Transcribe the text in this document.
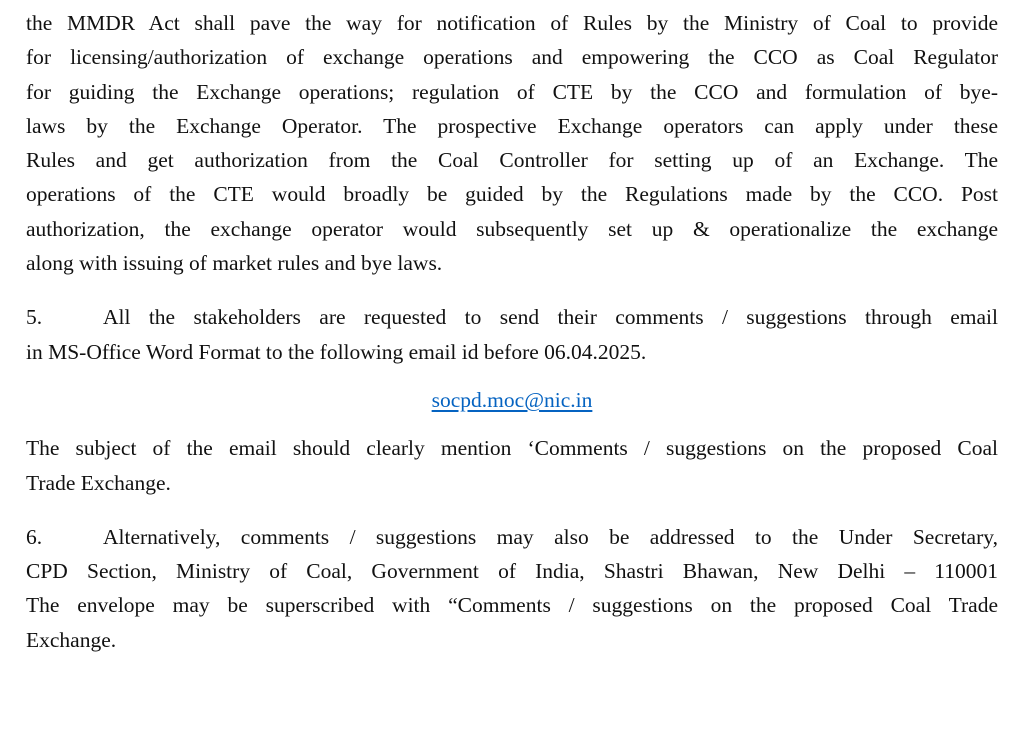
the MMDR Act shall pave the way for notification of Rules by the Ministry of Coal to provide
for licensing/authorization of exchange operations and empowering the CCO as Coal Regulator
for guiding the Exchange operations; regulation of CTE by the CCO and formulation of bye-
laws by the Exchange Operator. The prospective Exchange operators can apply under these
Rules and get authorization from the Coal Controller for setting up of an Exchange. The
operations of the CTE would broadly be guided by the Regulations made by the CCO. Post
authorization, the exchange operator would subsequently set up & operationalize the exchange
along with issuing of market rules and bye laws.
5.	All the stakeholders are requested to send their comments / suggestions through email
in MS-Office Word Format to the following email id before 06.04.2025.

socpd.moc@nic.in

The subject of the email should clearly mention ‘Comments / suggestions on the proposed Coal
Trade Exchange.
6.	Alternatively, comments / suggestions may also be addressed to the Under Secretary,
CPD Section, Ministry of Coal, Government of India, Shastri Bhawan, New Delhi – 110001
The envelope may be superscribed with “Comments / suggestions on the proposed Coal Trade
Exchange.
